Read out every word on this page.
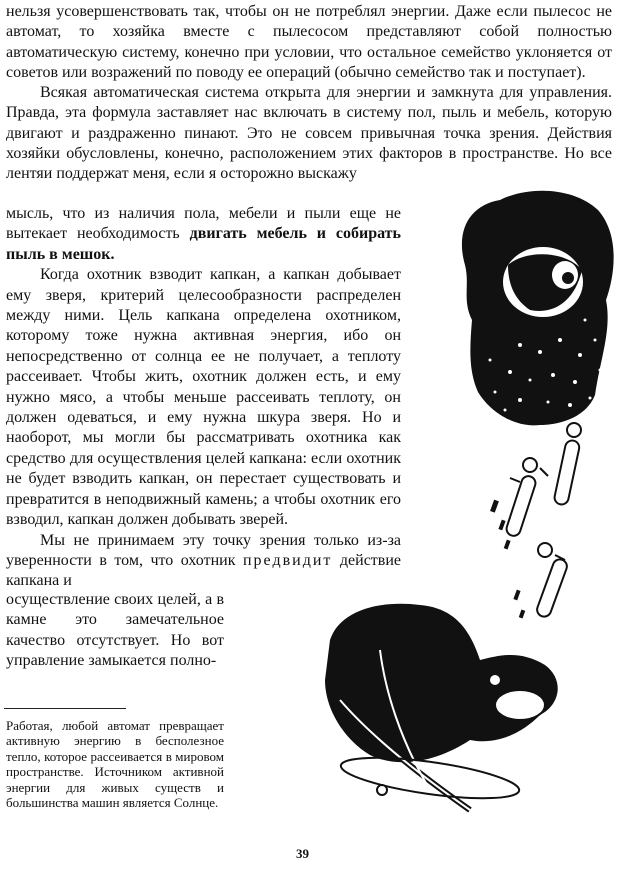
нельзя усовершенствовать так, чтобы он не потреблял энергии. Даже если пылесос не автомат, то хозяйка вместе с пылесосом представляют собой полностью автоматическую систему, конечно при условии, что остальное семейство уклоняется от советов или возражений по поводу ее операций (обычно семейство так и поступает).

Всякая автоматическая система открыта для энергии и замкнута для управления. Правда, эта формула заставляет нас включать в систему пол, пыль и мебель, которую двигают и раздраженно пинают. Это не совсем привычная точка зрения. Действия хозяйки обусловлены, конечно, расположением этих факторов в пространстве. Но все лентяи поддержат меня, если я осторожно выскажу

мысль, что из наличия пола, мебели и пыли еще не вытекает необходимость двигать мебель и собирать пыль в мешок.

Когда охотник взводит капкан, а капкан добывает ему зверя, критерий целесообразности распределен между ними. Цель капкана определена охотником, которому тоже нужна активная энергия, ибо он непосредственно от солнца ее не получает, а теплоту рассеивает. Чтобы жить, охотник должен есть, и ему нужно мясо, а чтобы меньше рассеивать теплоту, он должен одеваться, и ему нужна шкура зверя. Но и наоборот, мы могли бы рассматривать охотника как средство для осуществления целей капкана: если охотник не будет взводить капкан, он перестает существовать и превратится в неподвижный камень; а чтобы охотник его взводил, капкан должен добывать зверей.

Мы не принимаем эту точку зрения только из-за уверенности в том, что охотник предвидит действие капкана и

осуществление своих целей, а в камне это замечательное качество отсутствует. Но вот управление замыкается полно-

Работая, любой автомат превращает активную энергию в бесполезное тепло, которое рассеивается в мировом пространстве. Источником активной энергии для живых существ и большинства машин является Солнце.
39
